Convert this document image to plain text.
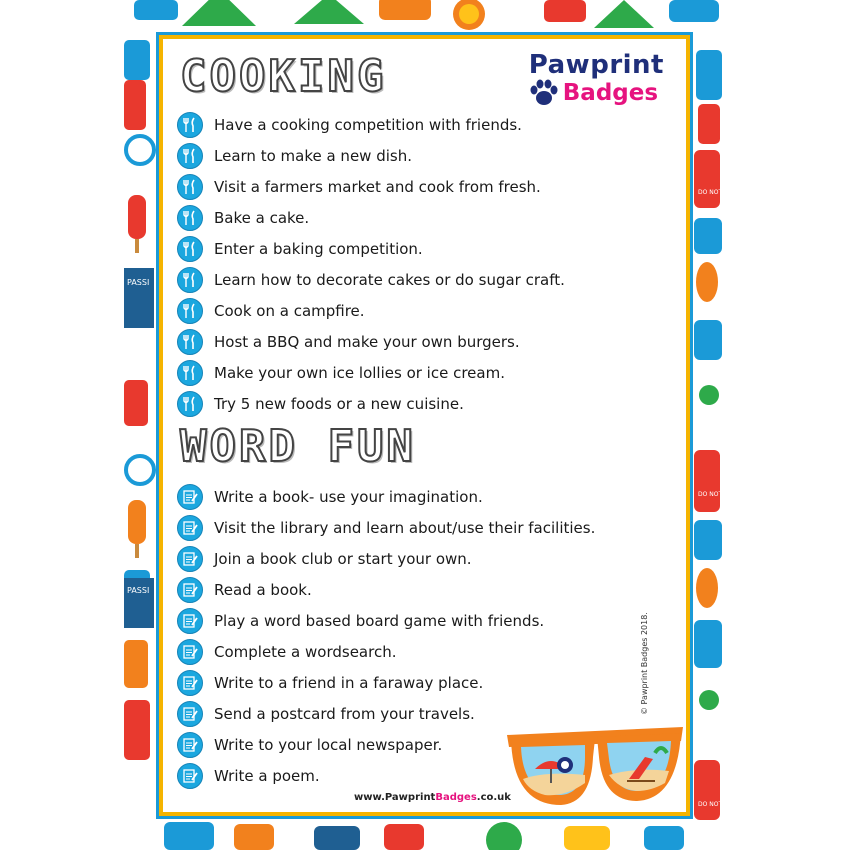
PASSI
PASSI
DO NOT
DO NOT
DO NOT
Pawprint
Badges
COOKING
Have a cooking competition with friends.
Learn to make a new dish.
Visit a farmers market and cook from fresh.
Bake a cake.
Enter a baking competition.
Learn how to decorate cakes or do sugar craft.
Cook on a campfire.
Host a BBQ and make your own burgers.
Make your own ice lollies or ice cream.
Try 5 new foods or a new cuisine.
WORD FUN
Write a book- use your imagination.
Visit the library and learn about/use their facilities.
Join a book club or start your own.
Read a book.
Play a word based board game with friends.
Complete a wordsearch.
Write to a friend in a faraway place.
Send a postcard from your travels.
Write to your local newspaper.
Write a poem.
© Pawprint Badges 2018.
www.PawprintBadges.co.uk
